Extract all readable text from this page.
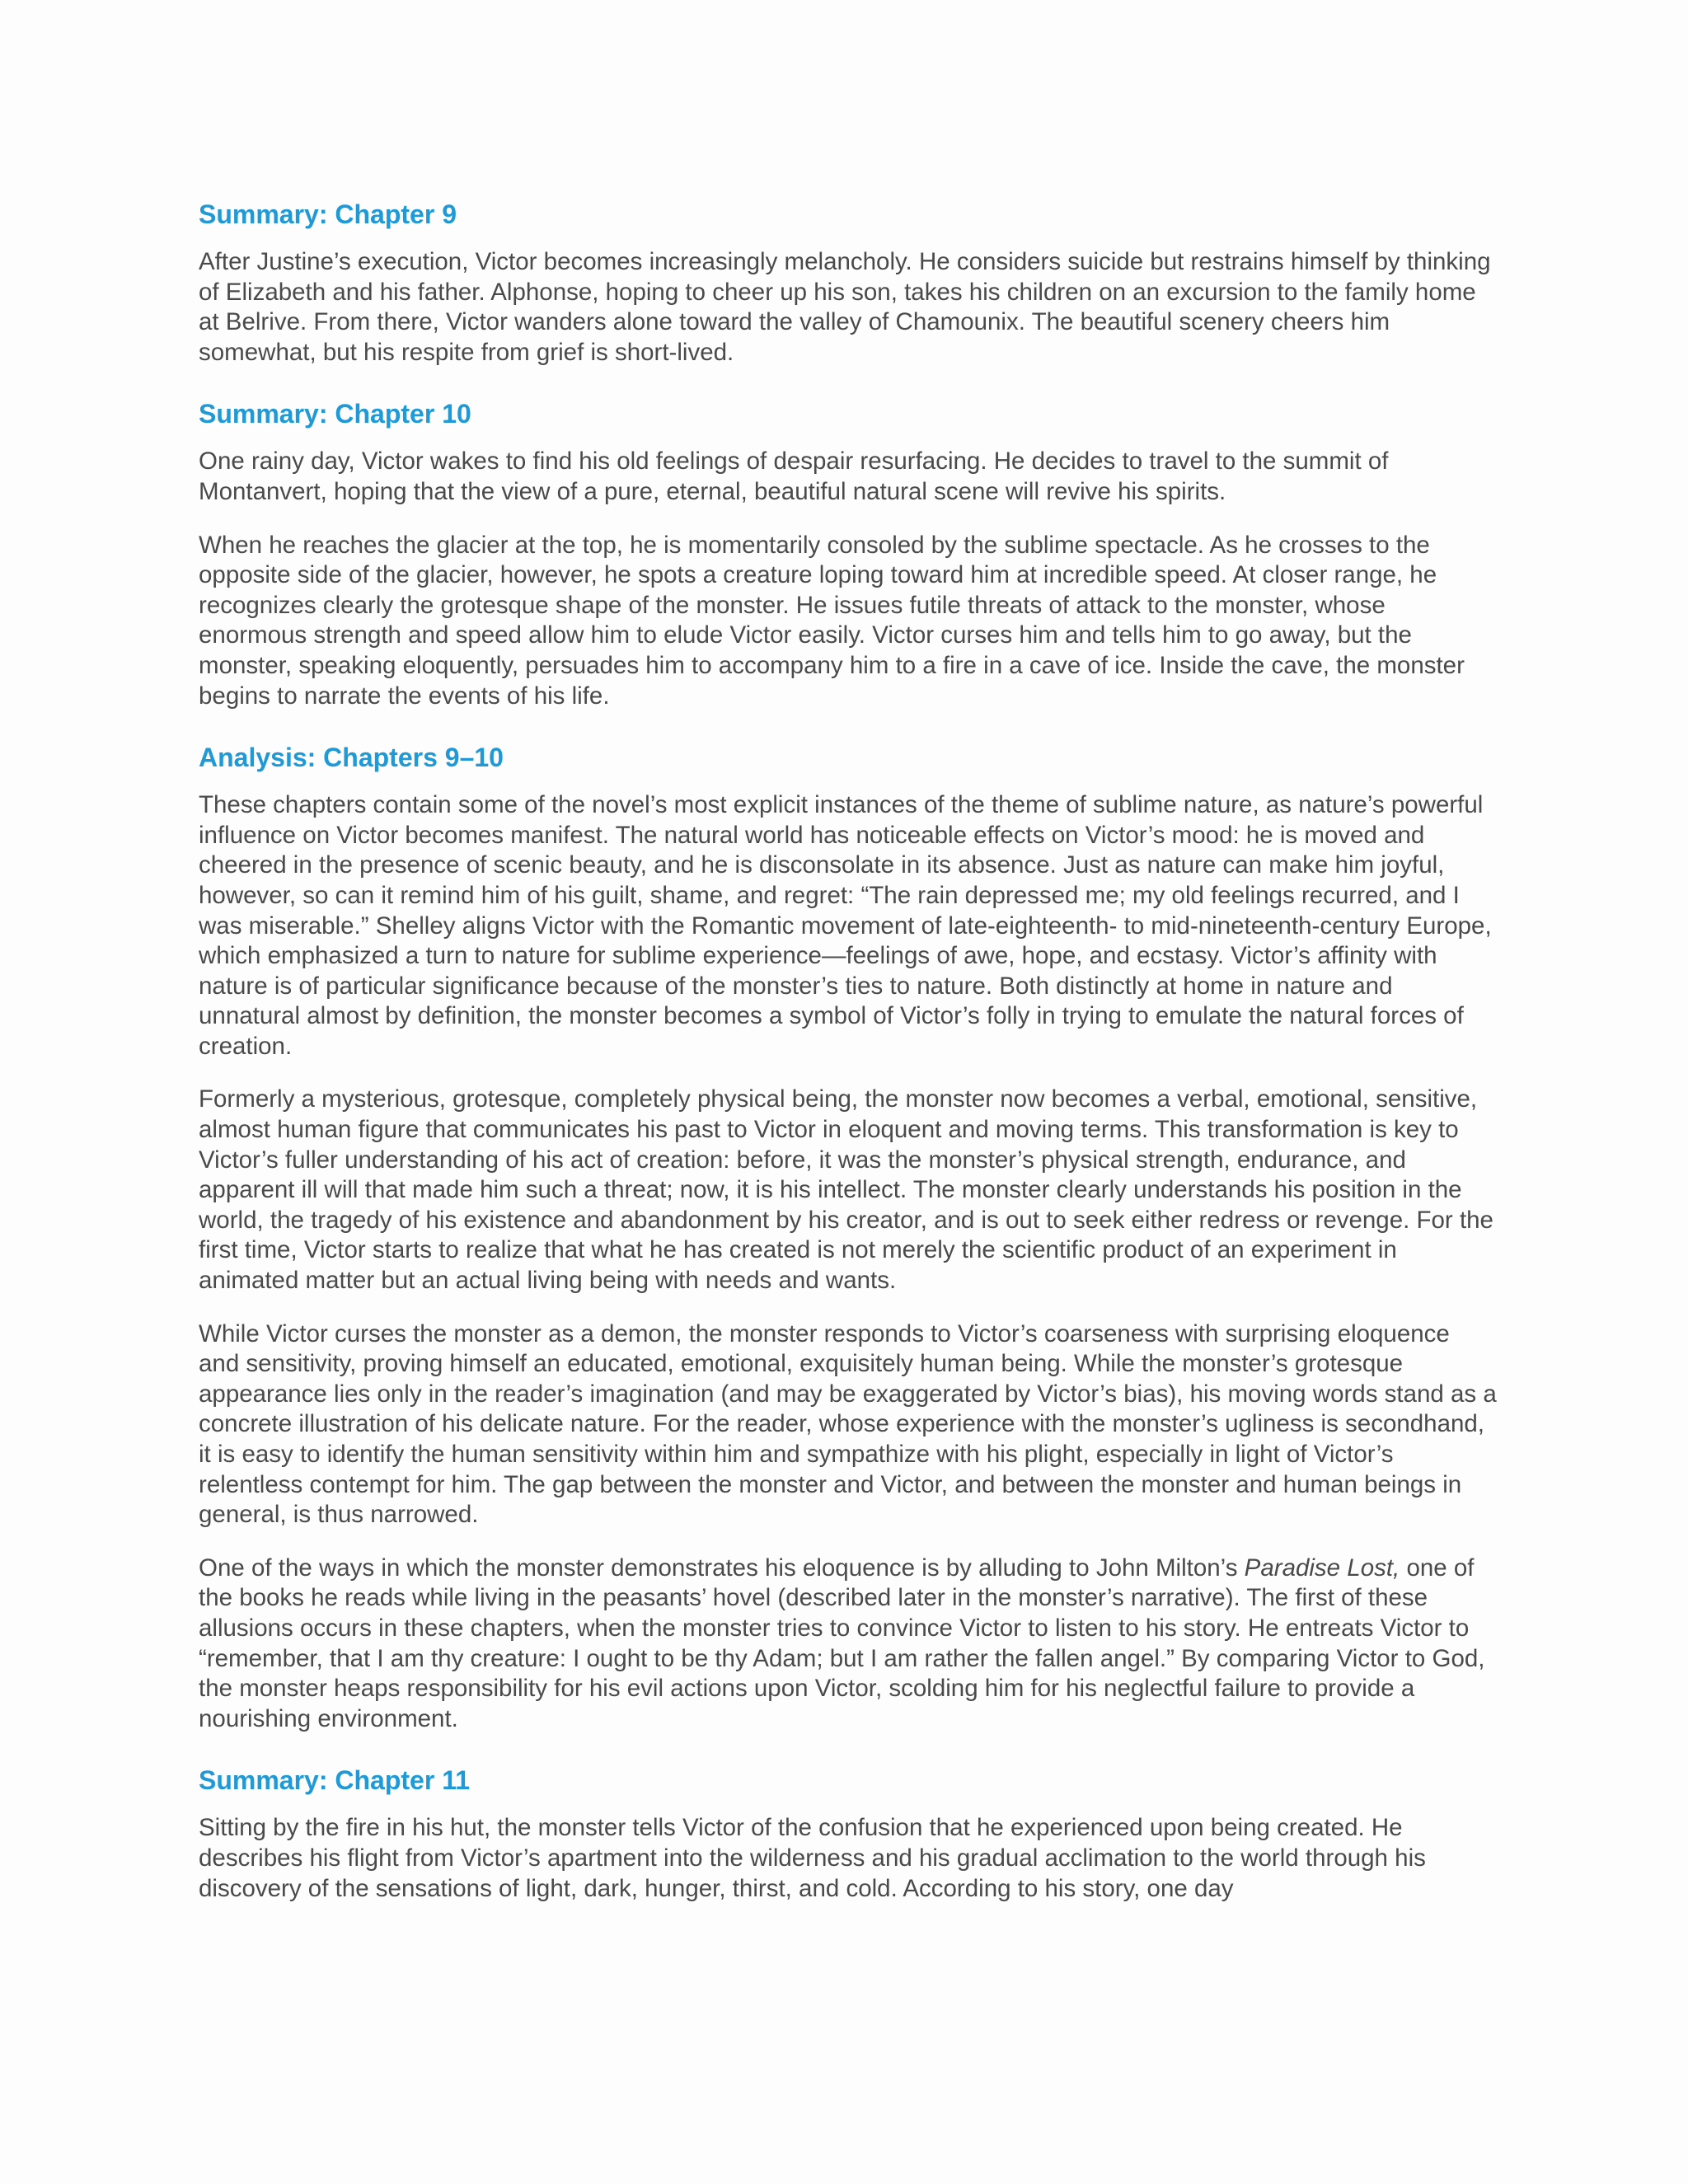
Summary: Chapter 9

After Justine’s execution, Victor becomes increasingly melancholy. He considers suicide but restrains himself by thinking of Elizabeth and his father. Alphonse, hoping to cheer up his son, takes his children on an excursion to the family home at Belrive. From there, Victor wanders alone toward the valley of Chamounix. The beautiful scenery cheers him somewhat, but his respite from grief is short-lived.

Summary: Chapter 10

One rainy day, Victor wakes to find his old feelings of despair resurfacing. He decides to travel to the summit of Montanvert, hoping that the view of a pure, eternal, beautiful natural scene will revive his spirits.

When he reaches the glacier at the top, he is momentarily consoled by the sublime spectacle. As he crosses to the opposite side of the glacier, however, he spots a creature loping toward him at incredible speed. At closer range, he recognizes clearly the grotesque shape of the monster. He issues futile threats of attack to the monster, whose enormous strength and speed allow him to elude Victor easily. Victor curses him and tells him to go away, but the monster, speaking eloquently, persuades him to accompany him to a fire in a cave of ice. Inside the cave, the monster begins to narrate the events of his life.

Analysis: Chapters 9–10

These chapters contain some of the novel’s most explicit instances of the theme of sublime nature, as nature’s powerful influence on Victor becomes manifest. The natural world has noticeable effects on Victor’s mood: he is moved and cheered in the presence of scenic beauty, and he is disconsolate in its absence. Just as nature can make him joyful, however, so can it remind him of his guilt, shame, and regret: “The rain depressed me; my old feelings recurred, and I was miserable.” Shelley aligns Victor with the Romantic movement of late-eighteenth- to mid-nineteenth-century Europe, which emphasized a turn to nature for sublime experience—feelings of awe, hope, and ecstasy. Victor’s affinity with nature is of particular significance because of the monster’s ties to nature. Both distinctly at home in nature and unnatural almost by definition, the monster becomes a symbol of Victor’s folly in trying to emulate the natural forces of creation.

Formerly a mysterious, grotesque, completely physical being, the monster now becomes a verbal, emotional, sensitive, almost human figure that communicates his past to Victor in eloquent and moving terms. This transformation is key to Victor’s fuller understanding of his act of creation: before, it was the monster’s physical strength, endurance, and apparent ill will that made him such a threat; now, it is his intellect. The monster clearly understands his position in the world, the tragedy of his existence and abandonment by his creator, and is out to seek either redress or revenge. For the first time, Victor starts to realize that what he has created is not merely the scientific product of an experiment in animated matter but an actual living being with needs and wants.

While Victor curses the monster as a demon, the monster responds to Victor’s coarseness with surprising eloquence and sensitivity, proving himself an educated, emotional, exquisitely human being. While the monster’s grotesque appearance lies only in the reader’s imagination (and may be exaggerated by Victor’s bias), his moving words stand as a concrete illustration of his delicate nature. For the reader, whose experience with the monster’s ugliness is secondhand, it is easy to identify the human sensitivity within him and sympathize with his plight, especially in light of Victor’s relentless contempt for him. The gap between the monster and Victor, and between the monster and human beings in general, is thus narrowed.

One of the ways in which the monster demonstrates his eloquence is by alluding to John Milton’s Paradise Lost, one of the books he reads while living in the peasants’ hovel (described later in the monster’s narrative). The first of these allusions occurs in these chapters, when the monster tries to convince Victor to listen to his story. He entreats Victor to “remember, that I am thy creature: I ought to be thy Adam; but I am rather the fallen angel.” By comparing Victor to God, the monster heaps responsibility for his evil actions upon Victor, scolding him for his neglectful failure to provide a nourishing environment.

Summary: Chapter 11

Sitting by the fire in his hut, the monster tells Victor of the confusion that he experienced upon being created. He describes his flight from Victor’s apartment into the wilderness and his gradual acclimation to the world through his discovery of the sensations of light, dark, hunger, thirst, and cold. According to his story, one day
